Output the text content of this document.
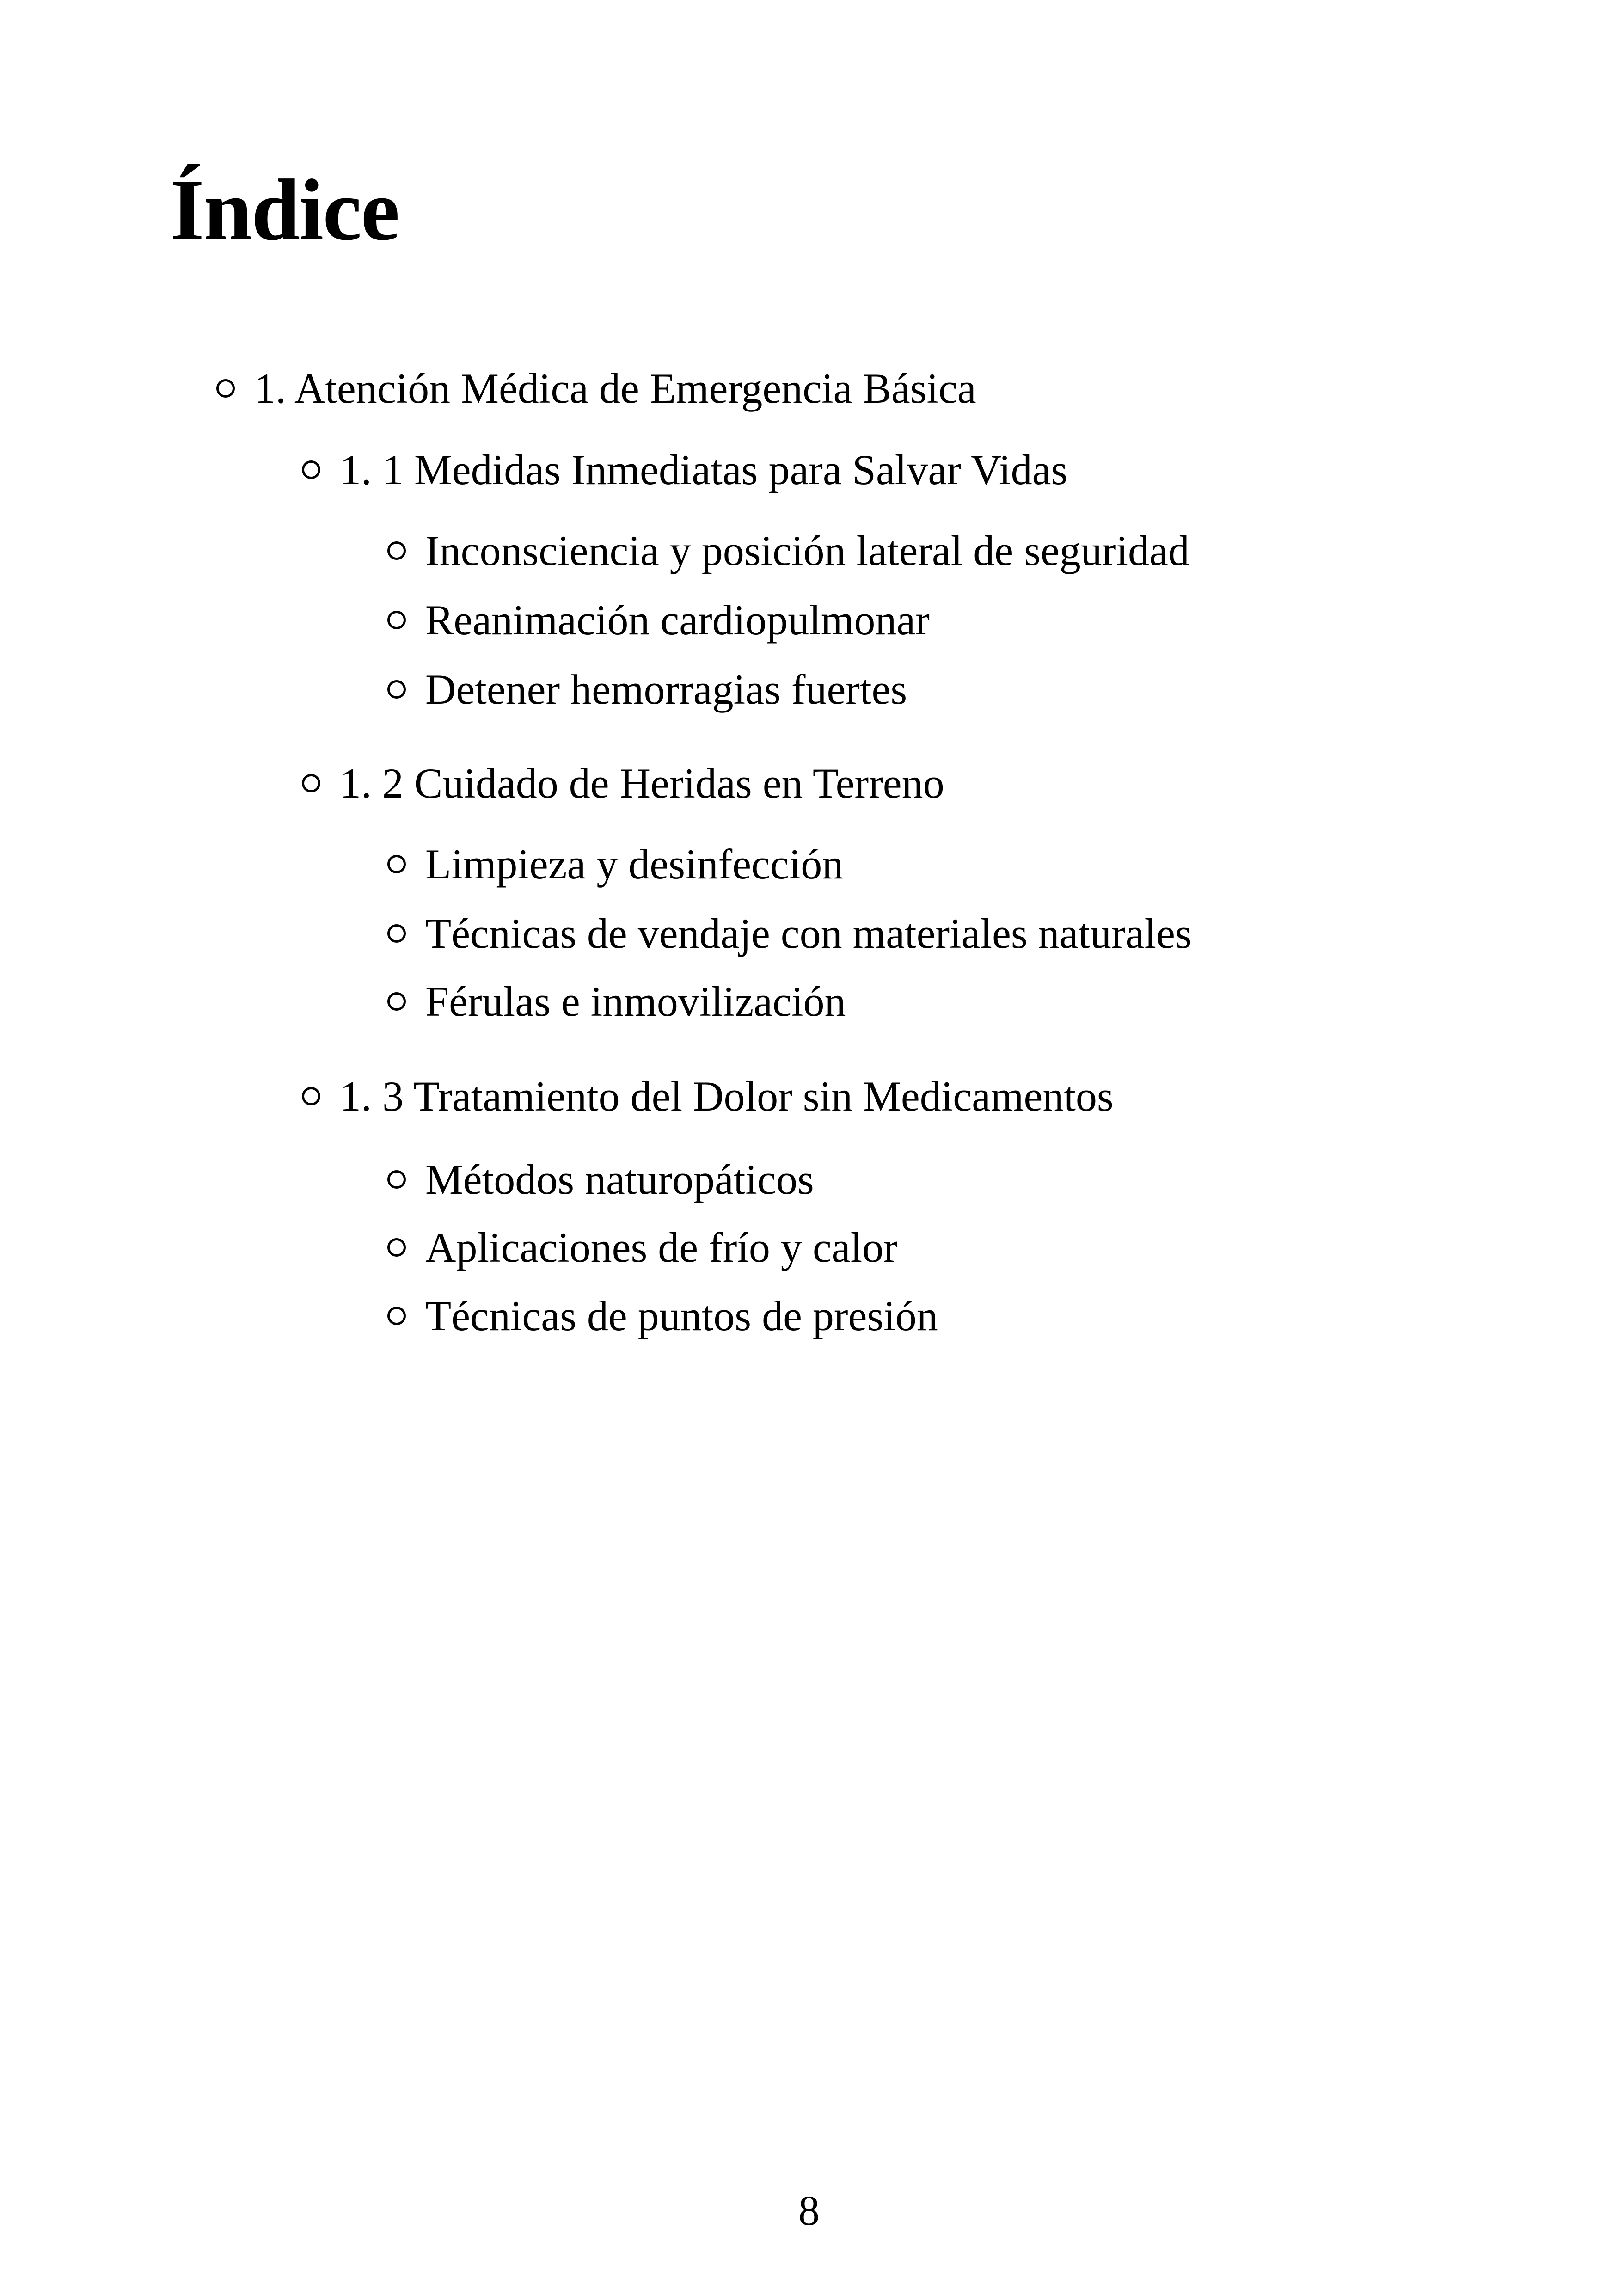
Índice
1. Atención Médica de Emergencia Básica
1. 1 Medidas Inmediatas para Salvar Vidas
Inconsciencia y posición lateral de seguridad
Reanimación cardiopulmonar
Detener hemorragias fuertes
1. 2 Cuidado de Heridas en Terreno
Limpieza y desinfección
Técnicas de vendaje con materiales naturales
Férulas e inmovilización
1. 3 Tratamiento del Dolor sin Medicamentos
Métodos naturopáticos
Aplicaciones de frío y calor
Técnicas de puntos de presión
8
